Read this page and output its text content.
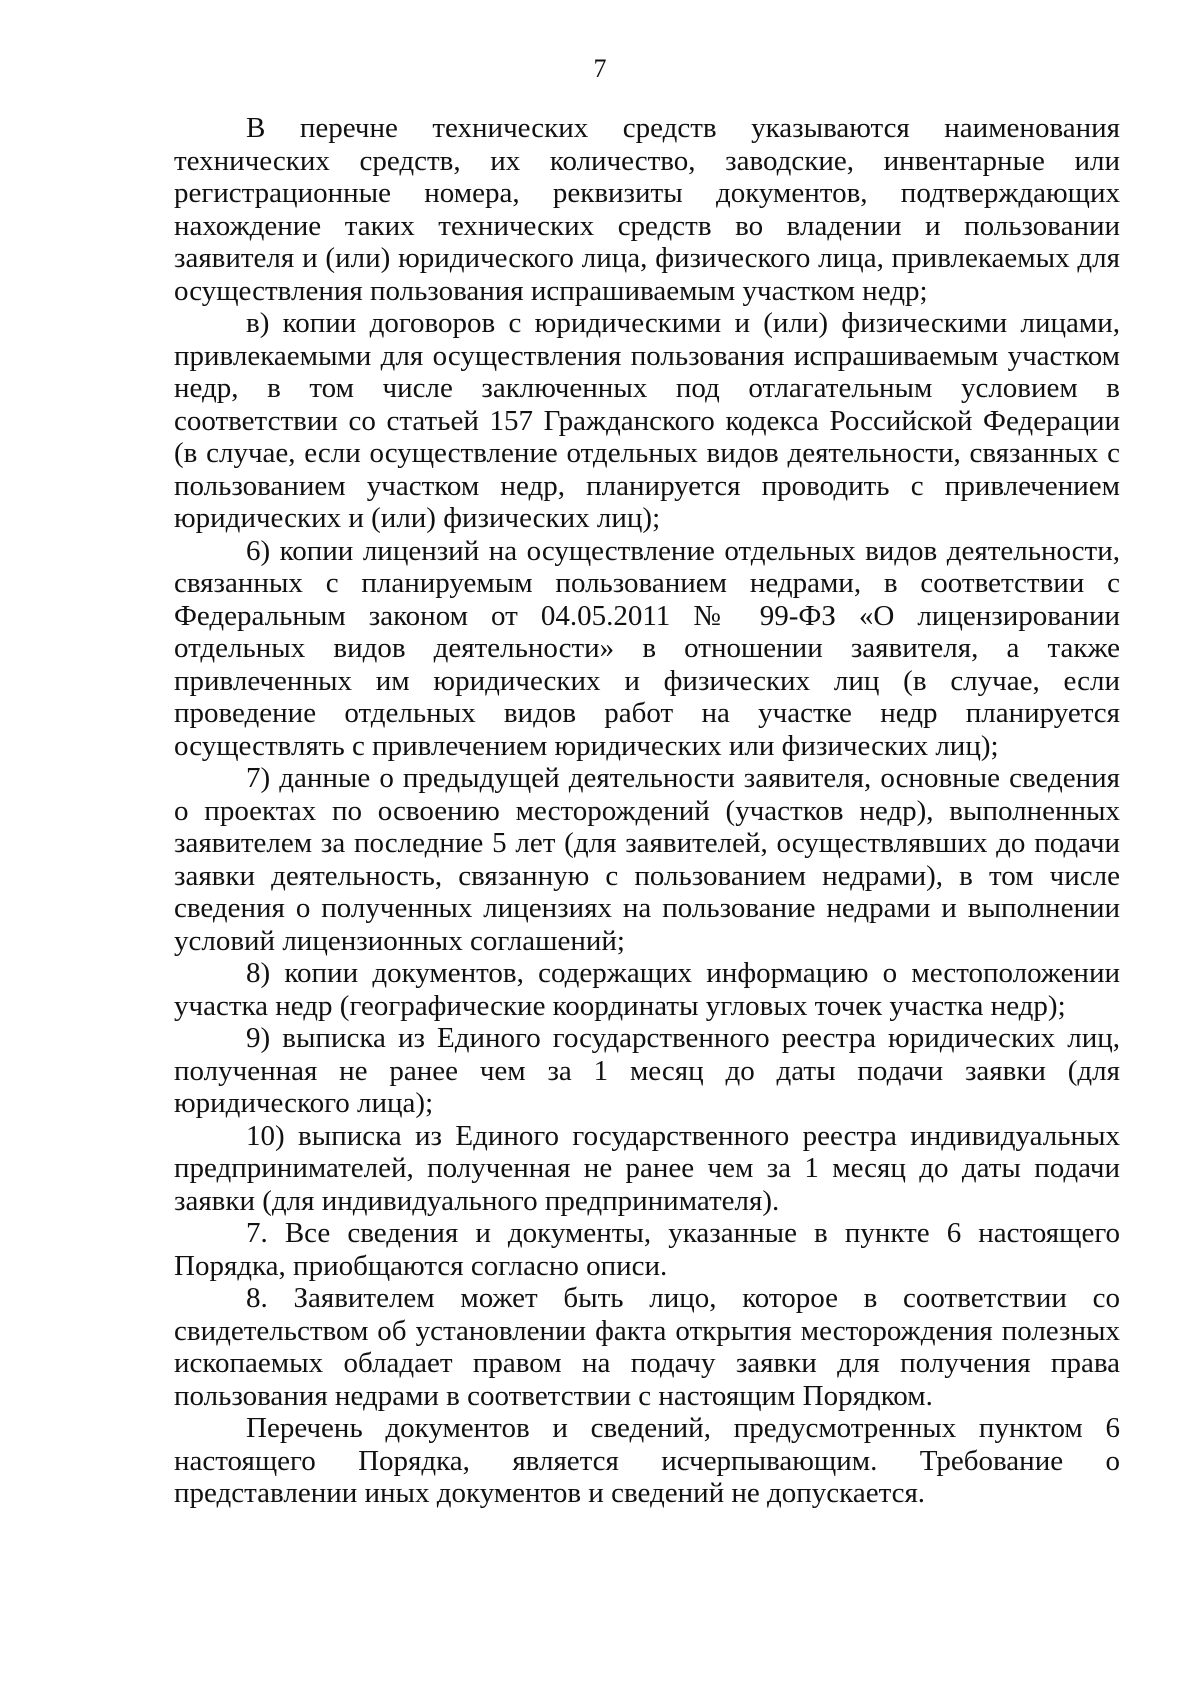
7

В перечне технических средств указываются наименования технических средств, их количество, заводские, инвентарные или регистрационные номера, реквизиты документов, подтверждающих нахождение таких технических средств во владении и пользовании заявителя и (или) юридического лица, физического лица, привлекаемых для осуществления пользования испрашиваемым участком недр;

в) копии договоров с юридическими и (или) физическими лицами, привлекаемыми для осуществления пользования испрашиваемым участком недр, в том числе заключенных под отлагательным условием в соответствии со статьей 157 Гражданского кодекса Российской Федерации (в случае, если осуществление отдельных видов деятельности, связанных с пользованием участком недр, планируется проводить с привлечением юридических и (или) физических лиц);

6) копии лицензий на осуществление отдельных видов деятельности, связанных с планируемым пользованием недрами, в соответствии с Федеральным законом от 04.05.2011 № 99-ФЗ «О лицензировании отдельных видов деятельности» в отношении заявителя, а также привлеченных им юридических и физических лиц (в случае, если проведение отдельных видов работ на участке недр планируется осуществлять с привлечением юридических или физических лиц);

7) данные о предыдущей деятельности заявителя, основные сведения о проектах по освоению месторождений (участков недр), выполненных заявителем за последние 5 лет (для заявителей, осуществлявших до подачи заявки деятельность, связанную с пользованием недрами), в том числе сведения о полученных лицензиях на пользование недрами и выполнении условий лицензионных соглашений;

8) копии документов, содержащих информацию о местоположении участка недр (географические координаты угловых точек участка недр);

9) выписка из Единого государственного реестра юридических лиц, полученная не ранее чем за 1 месяц до даты подачи заявки (для юридического лица);

10) выписка из Единого государственного реестра индивидуальных предпринимателей, полученная не ранее чем за 1 месяц до даты подачи заявки (для индивидуального предпринимателя).

7. Все сведения и документы, указанные в пункте 6 настоящего Порядка, приобщаются согласно описи.

8. Заявителем может быть лицо, которое в соответствии со свидетельством об установлении факта открытия месторождения полезных ископаемых обладает правом на подачу заявки для получения права пользования недрами в соответствии с настоящим Порядком.

Перечень документов и сведений, предусмотренных пунктом 6 настоящего Порядка, является исчерпывающим. Требование о представлении иных документов и сведений не допускается.
